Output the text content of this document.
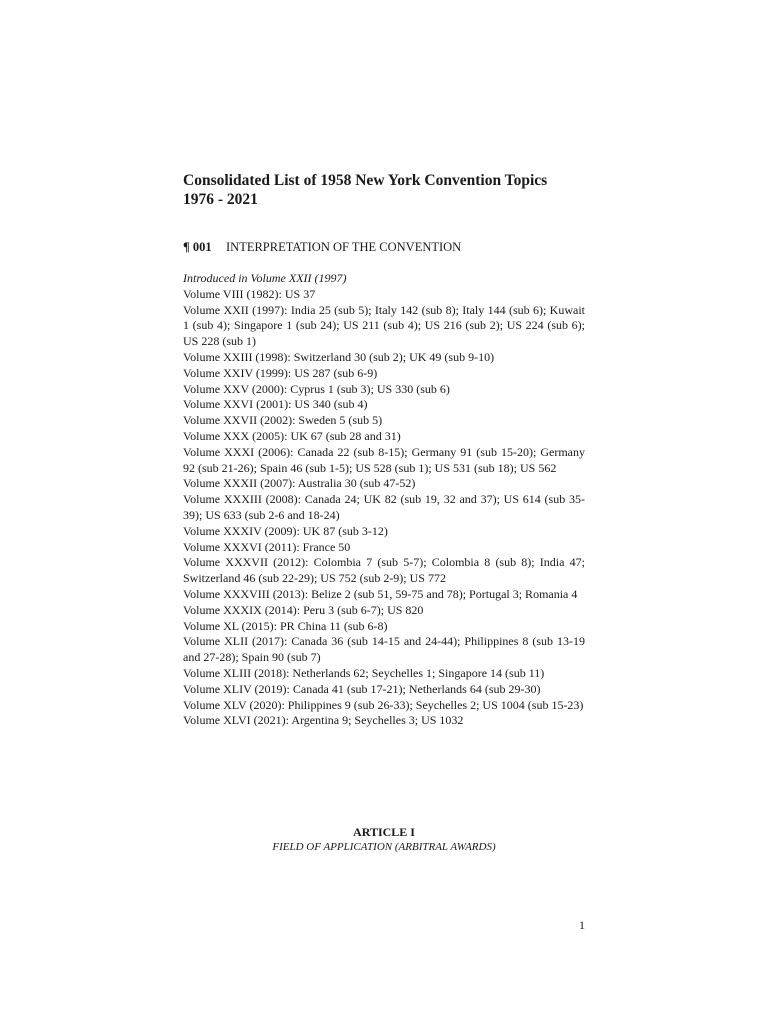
Consolidated List of 1958 New York Convention Topics
1976 - 2021
¶ 001 INTERPRETATION OF THE CONVENTION

Introduced in Volume XXII (1997)

Volume VIII (1982): US 37

Volume XXII (1997): India 25 (sub 5); Italy 142 (sub 8); Italy 144 (sub 6); Kuwait 1 (sub 4); Singapore 1 (sub 24); US 211 (sub 4); US 216 (sub 2); US 224 (sub 6); US 228 (sub 1)

Volume XXIII (1998): Switzerland 30 (sub 2); UK 49 (sub 9-10)

Volume XXIV (1999): US 287 (sub 6-9)

Volume XXV (2000): Cyprus 1 (sub 3); US 330 (sub 6)

Volume XXVI (2001): US 340 (sub 4)

Volume XXVII (2002): Sweden 5 (sub 5)

Volume XXX (2005): UK 67 (sub 28 and 31)

Volume XXXI (2006): Canada 22 (sub 8-15); Germany 91 (sub 15-20); Germany 92 (sub 21-26); Spain 46 (sub 1-5); US 528 (sub 1); US 531 (sub 18); US 562

Volume XXXII (2007): Australia 30 (sub 47-52)

Volume XXXIII (2008): Canada 24; UK 82 (sub 19, 32 and 37); US 614 (sub 35-39); US 633 (sub 2-6 and 18-24)

Volume XXXIV (2009): UK 87 (sub 3-12)

Volume XXXVI (2011): France 50

Volume XXXVII (2012): Colombia 7 (sub 5-7); Colombia 8 (sub 8); India 47; Switzerland 46 (sub 22-29); US 752 (sub 2-9); US 772

Volume XXXVIII (2013): Belize 2 (sub 51, 59-75 and 78); Portugal 3; Romania 4

Volume XXXIX (2014): Peru 3 (sub 6-7); US 820

Volume XL (2015): PR China 11 (sub 6-8)

Volume XLII (2017): Canada 36 (sub 14-15 and 24-44); Philippines 8 (sub 13-19 and 27-28); Spain 90 (sub 7)

Volume XLIII (2018): Netherlands 62; Seychelles 1; Singapore 14 (sub 11)

Volume XLIV (2019): Canada 41 (sub 17-21); Netherlands 64 (sub 29-30)

Volume XLV (2020): Philippines 9 (sub 26-33); Seychelles 2; US 1004 (sub 15-23)

Volume XLVI (2021): Argentina 9; Seychelles 3; US 1032

ARTICLE I

FIELD OF APPLICATION (ARBITRAL AWARDS)

1
